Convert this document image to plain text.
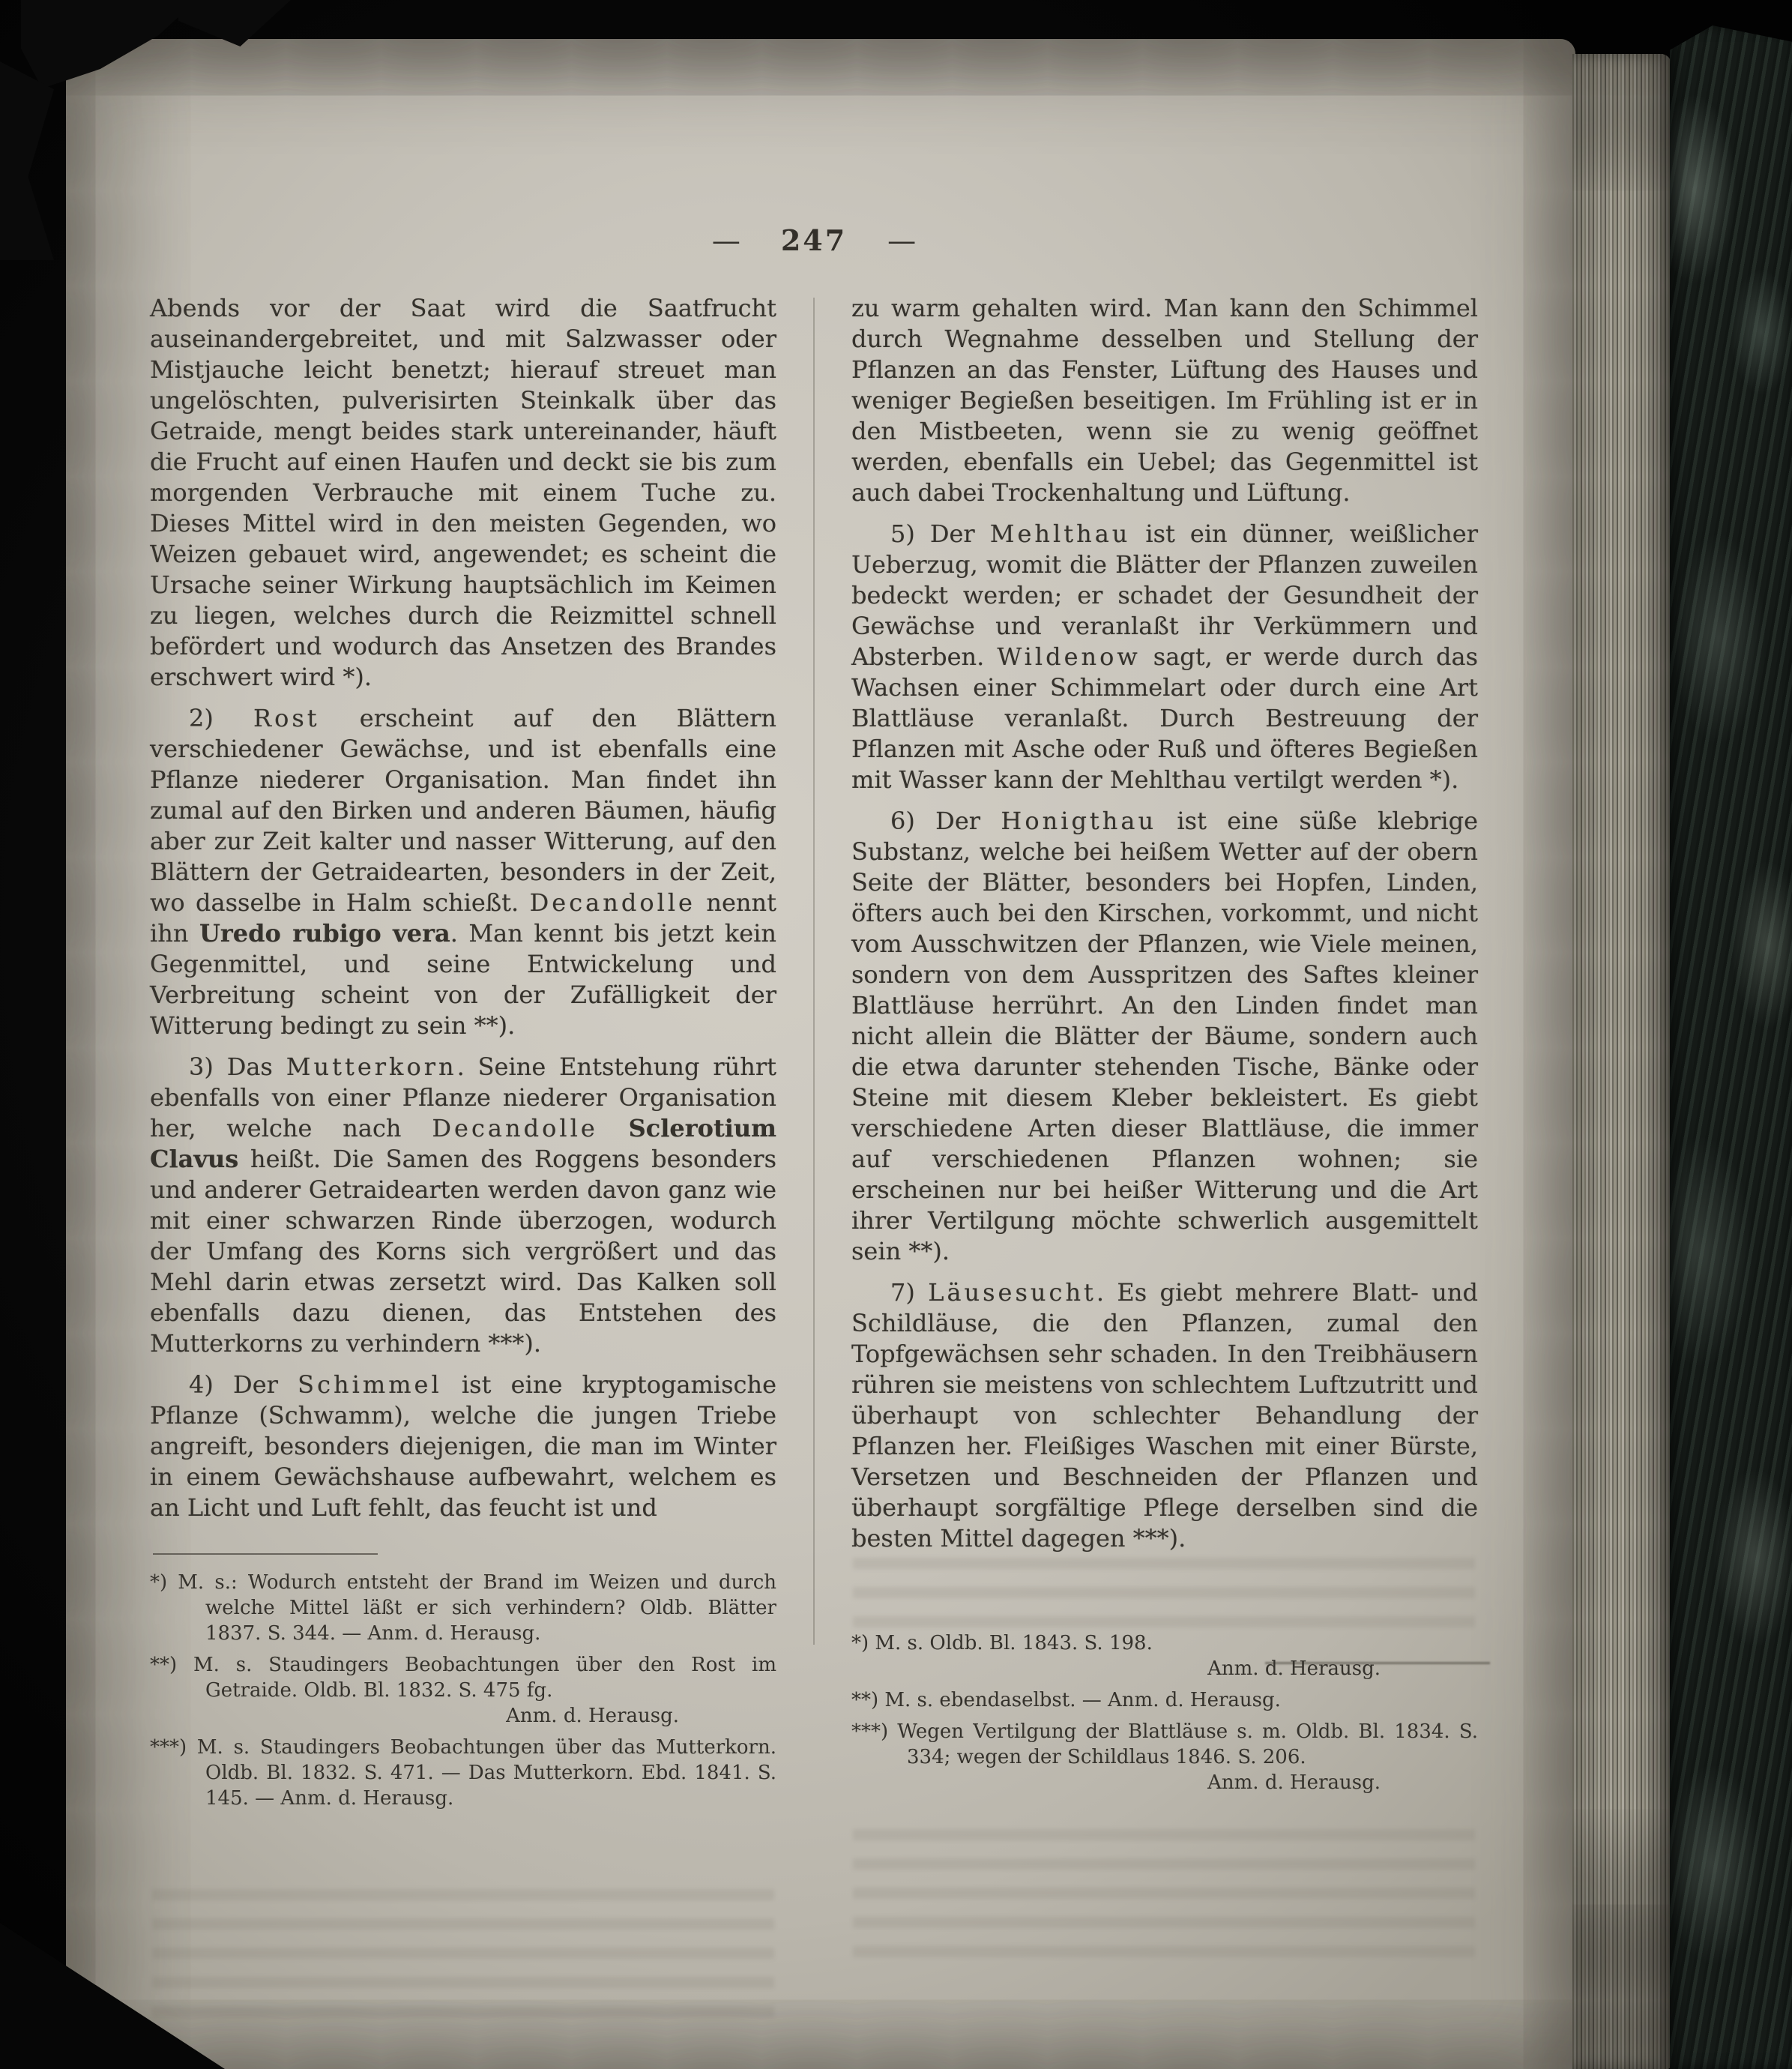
— 247 —

Abends vor der Saat wird die Saatfrucht auseinandergebreitet, und mit Salzwasser oder Mistjauche leicht benetzt; hierauf streuet man ungelöschten, pulverisirten Steinkalk über das Getraide, mengt beides stark untereinander, häuft die Frucht auf einen Haufen und deckt sie bis zum morgenden Verbrauche mit einem Tuche zu. Dieses Mittel wird in den meisten Gegenden, wo Weizen gebauet wird, angewendet; es scheint die Ursache seiner Wirkung hauptsächlich im Keimen zu liegen, welches durch die Reizmittel schnell befördert und wodurch das Ansetzen des Brandes erschwert wird *).

2) Rost erscheint auf den Blättern verschiedener Gewächse, und ist ebenfalls eine Pflanze niederer Organisation. Man findet ihn zumal auf den Birken und anderen Bäumen, häufig aber zur Zeit kalter und nasser Witterung, auf den Blättern der Getraidearten, besonders in der Zeit, wo dasselbe in Halm schießt. Decandolle nennt ihn Uredo rubigo vera. Man kennt bis jetzt kein Gegenmittel, und seine Entwickelung und Verbreitung scheint von der Zufälligkeit der Witterung bedingt zu sein **).

3) Das Mutterkorn. Seine Entstehung rührt ebenfalls von einer Pflanze niederer Organisation her, welche nach Decandolle Sclerotium Clavus heißt. Die Samen des Roggens besonders und anderer Getraidearten werden davon ganz wie mit einer schwarzen Rinde überzogen, wodurch der Umfang des Korns sich vergrößert und das Mehl darin etwas zersetzt wird. Das Kalken soll ebenfalls dazu dienen, das Entstehen des Mutterkorns zu verhindern ***).

4) Der Schimmel ist eine kryptogamische Pflanze (Schwamm), welche die jungen Triebe angreift, besonders diejenigen, die man im Winter in einem Gewächshause aufbewahrt, welchem es an Licht und Luft fehlt, das feucht ist und

*) M. s.: Wodurch entsteht der Brand im Weizen und durch welche Mittel läßt er sich verhindern? Oldb. Blätter 1837. S. 344. — Anm. d. Herausg.

**) M. s. Staudingers Beobachtungen über den Rost im Getraide. Oldb. Bl. 1832. S. 475 fg.

Anm. d. Herausg.

***) M. s. Staudingers Beobachtungen über das Mutterkorn. Oldb. Bl. 1832. S. 471. — Das Mutterkorn. Ebd. 1841. S. 145. — Anm. d. Herausg.

zu warm gehalten wird. Man kann den Schimmel durch Wegnahme desselben und Stellung der Pflanzen an das Fenster, Lüftung des Hauses und weniger Begießen beseitigen. Im Frühling ist er in den Mistbeeten, wenn sie zu wenig geöffnet werden, ebenfalls ein Uebel; das Gegenmittel ist auch dabei Trockenhaltung und Lüftung.

5) Der Mehlthau ist ein dünner, weißlicher Ueberzug, womit die Blätter der Pflanzen zuweilen bedeckt werden; er schadet der Gesundheit der Gewächse und veranlaßt ihr Verkümmern und Absterben. Wildenow sagt, er werde durch das Wachsen einer Schimmelart oder durch eine Art Blattläuse veranlaßt. Durch Bestreuung der Pflanzen mit Asche oder Ruß und öfteres Begießen mit Wasser kann der Mehlthau vertilgt werden *).

6) Der Honigthau ist eine süße klebrige Substanz, welche bei heißem Wetter auf der obern Seite der Blätter, besonders bei Hopfen, Linden, öfters auch bei den Kirschen, vorkommt, und nicht vom Ausschwitzen der Pflanzen, wie Viele meinen, sondern von dem Ausspritzen des Saftes kleiner Blattläuse herrührt. An den Linden findet man nicht allein die Blätter der Bäume, sondern auch die etwa darunter stehenden Tische, Bänke oder Steine mit diesem Kleber bekleistert. Es giebt verschiedene Arten dieser Blattläuse, die immer auf verschiedenen Pflanzen wohnen; sie erscheinen nur bei heißer Witterung und die Art ihrer Vertilgung möchte schwerlich ausgemittelt sein **).

7) Läusesucht. Es giebt mehrere Blatt- und Schildläuse, die den Pflanzen, zumal den Topfgewächsen sehr schaden. In den Treibhäusern rühren sie meistens von schlechtem Luftzutritt und überhaupt von schlechter Behandlung der Pflanzen her. Fleißiges Waschen mit einer Bürste, Versetzen und Beschneiden der Pflanzen und überhaupt sorgfältige Pflege derselben sind die besten Mittel dagegen ***).

*) M. s. Oldb. Bl. 1843. S. 198.

Anm. d. Herausg.

**) M. s. ebendaselbst. — Anm. d. Herausg.

***) Wegen Vertilgung der Blattläuse s. m. Oldb. Bl. 1834. S. 334; wegen der Schildlaus 1846. S. 206.

Anm. d. Herausg.
